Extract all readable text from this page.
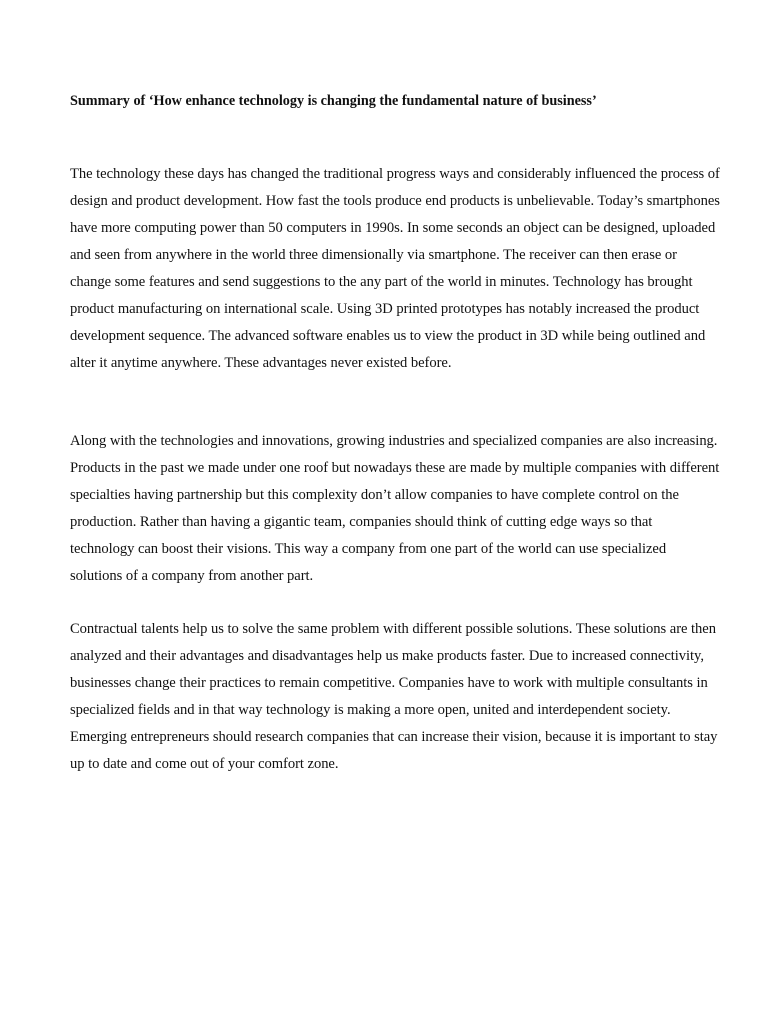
Summary of ‘How enhance technology is changing the fundamental nature of business’

The technology these days has changed the traditional progress ways and considerably influenced the process of design and product development. How fast the tools produce end products is unbelievable. Today’s smartphones have more computing power than 50 computers in 1990s. In some seconds an object can be designed, uploaded and seen from anywhere in the world three dimensionally via smartphone. The receiver can then erase or change some features and send suggestions to the any part of the world in minutes. Technology has brought product manufacturing on international scale. Using 3D printed prototypes has notably increased the product development sequence. The advanced software enables us to view the product in 3D while being outlined and alter it anytime anywhere. These advantages never existed before.

Along with the technologies and innovations, growing industries and specialized companies are also increasing. Products in the past we made under one roof but nowadays these are made by multiple companies with different specialties having partnership but this complexity don’t allow companies to have complete control on the production. Rather than having a gigantic team, companies should think of cutting edge ways so that technology can boost their visions. This way a company from one part of the world can use specialized solutions of a company from another part.

Contractual talents help us to solve the same problem with different possible solutions. These solutions are then analyzed and their advantages and disadvantages help us make products faster. Due to increased connectivity, businesses change their practices to remain competitive. Companies have to work with multiple consultants in specialized fields and in that way technology is making a more open, united and interdependent society. Emerging entrepreneurs should research companies that can increase their vision, because it is important to stay up to date and come out of your comfort zone.
